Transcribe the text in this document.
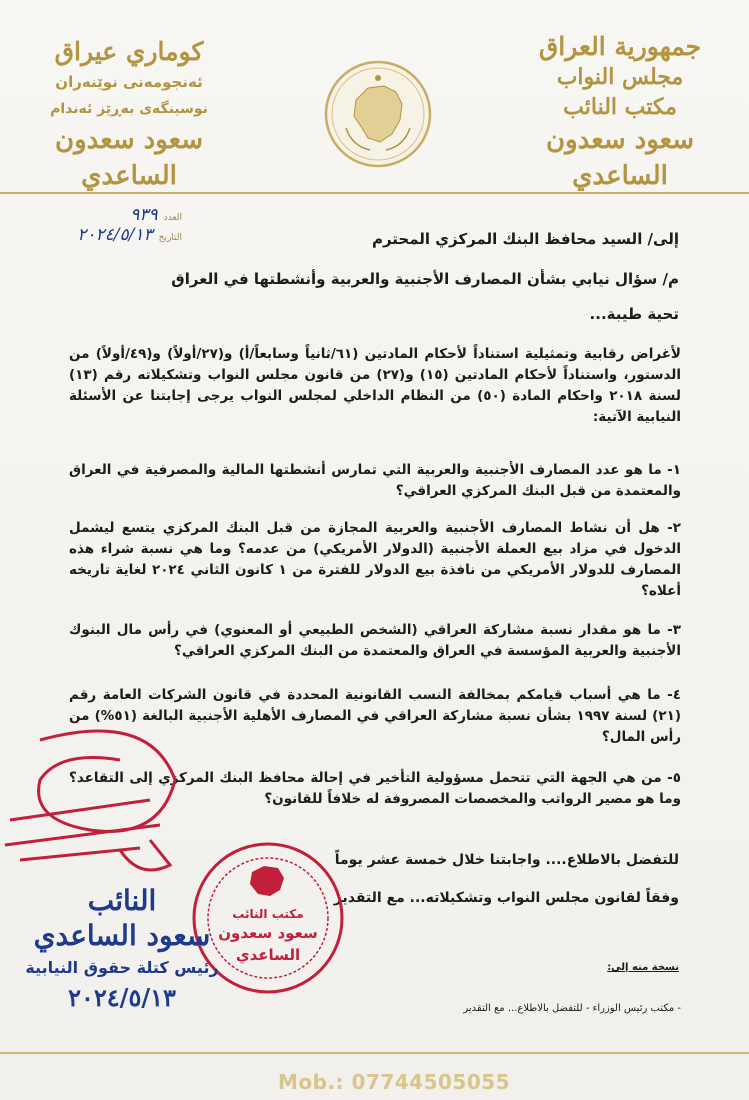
جمهورية العراق
مجلس النواب
مكتب النائب
سعود سعدون الساعدي
كوماري عيراق
ئەنجومەنی نوێنەران
نوسینگەی بەڕێز ئەندام
سعود سعدون الساعدي
العدد
٩٣٩
التاريخ
٢٠٢٤/٥/١٣	إلى/ السيد محافظ البنك المركزي المحترم
م/ سؤال نيابي بشأن المصارف الأجنبية والعربية وأنشطتها في العراق
تحية طيبة...
لأغراض رقابية وتمثيلية استناداً لأحكام المادتين (٦١/ثانياً وسابعاً/أ) و(٢٧/أولاً) و(٤٩/أولاً) من الدستور، واستناداً لأحكام المادتين (١٥) و(٢٧) من قانون مجلس النواب وتشكيلاته رقم (١٣) لسنة ٢٠١٨ واحكام المادة (٥٠) من النظام الداخلي لمجلس النواب يرجى إجابتنا عن الأسئلة النيابية الآتية:
١- ما هو عدد المصارف الأجنبية والعربية التي تمارس أنشطتها المالية والمصرفية في العراق والمعتمدة من قبل البنك المركزي العراقي؟
٢- هل أن نشاط المصارف الأجنبية والعربية المجازة من قبل البنك المركزي يتسع ليشمل الدخول في مزاد بيع العملة الأجنبية (الدولار الأمريكي) من عدمه؟ وما هي نسبة شراء هذه المصارف للدولار الأمريكي من نافذة بيع الدولار للفترة من ١ كانون الثاني ٢٠٢٤ لغاية تاريخه أعلاه؟
٣- ما هو مقدار نسبة مشاركة العراقي (الشخص الطبيعي أو المعنوي) في رأس مال البنوك الأجنبية والعربية المؤسسة في العراق والمعتمدة من البنك المركزي العراقي؟
٤- ما هي أسباب قيامكم بمخالفة النسب القانونية المحددة في قانون الشركات العامة رقم (٢١) لسنة ١٩٩٧ بشأن نسبة مشاركة العراقي في المصارف الأهلية الأجنبية البالغة (٥١%) من رأس المال؟
٥- من هي الجهة التي تتحمل مسؤولية التأخير في إحالة محافظ البنك المركزي إلى التقاعد؟ وما هو مصير الرواتب والمخصصات المصروفة له خلافاً للقانون؟
للتفضل بالاطلاع.... واجابتنا خلال خمسة عشر يوماً
وفقاً لقانون مجلس النواب وتشكيلاته... مع التقدير
نسخة منه إلى:
- مكتب رئيس الوزراء - للتفضل بالاطلاع... مع التقدير
مكتب النائب
سعود سعدون
الساعدي
النائب
سعود الساعدي
رئيس كتلة حقوق النيابية
٢٠٢٤/٥/١٣
Mob.: 07744505055
